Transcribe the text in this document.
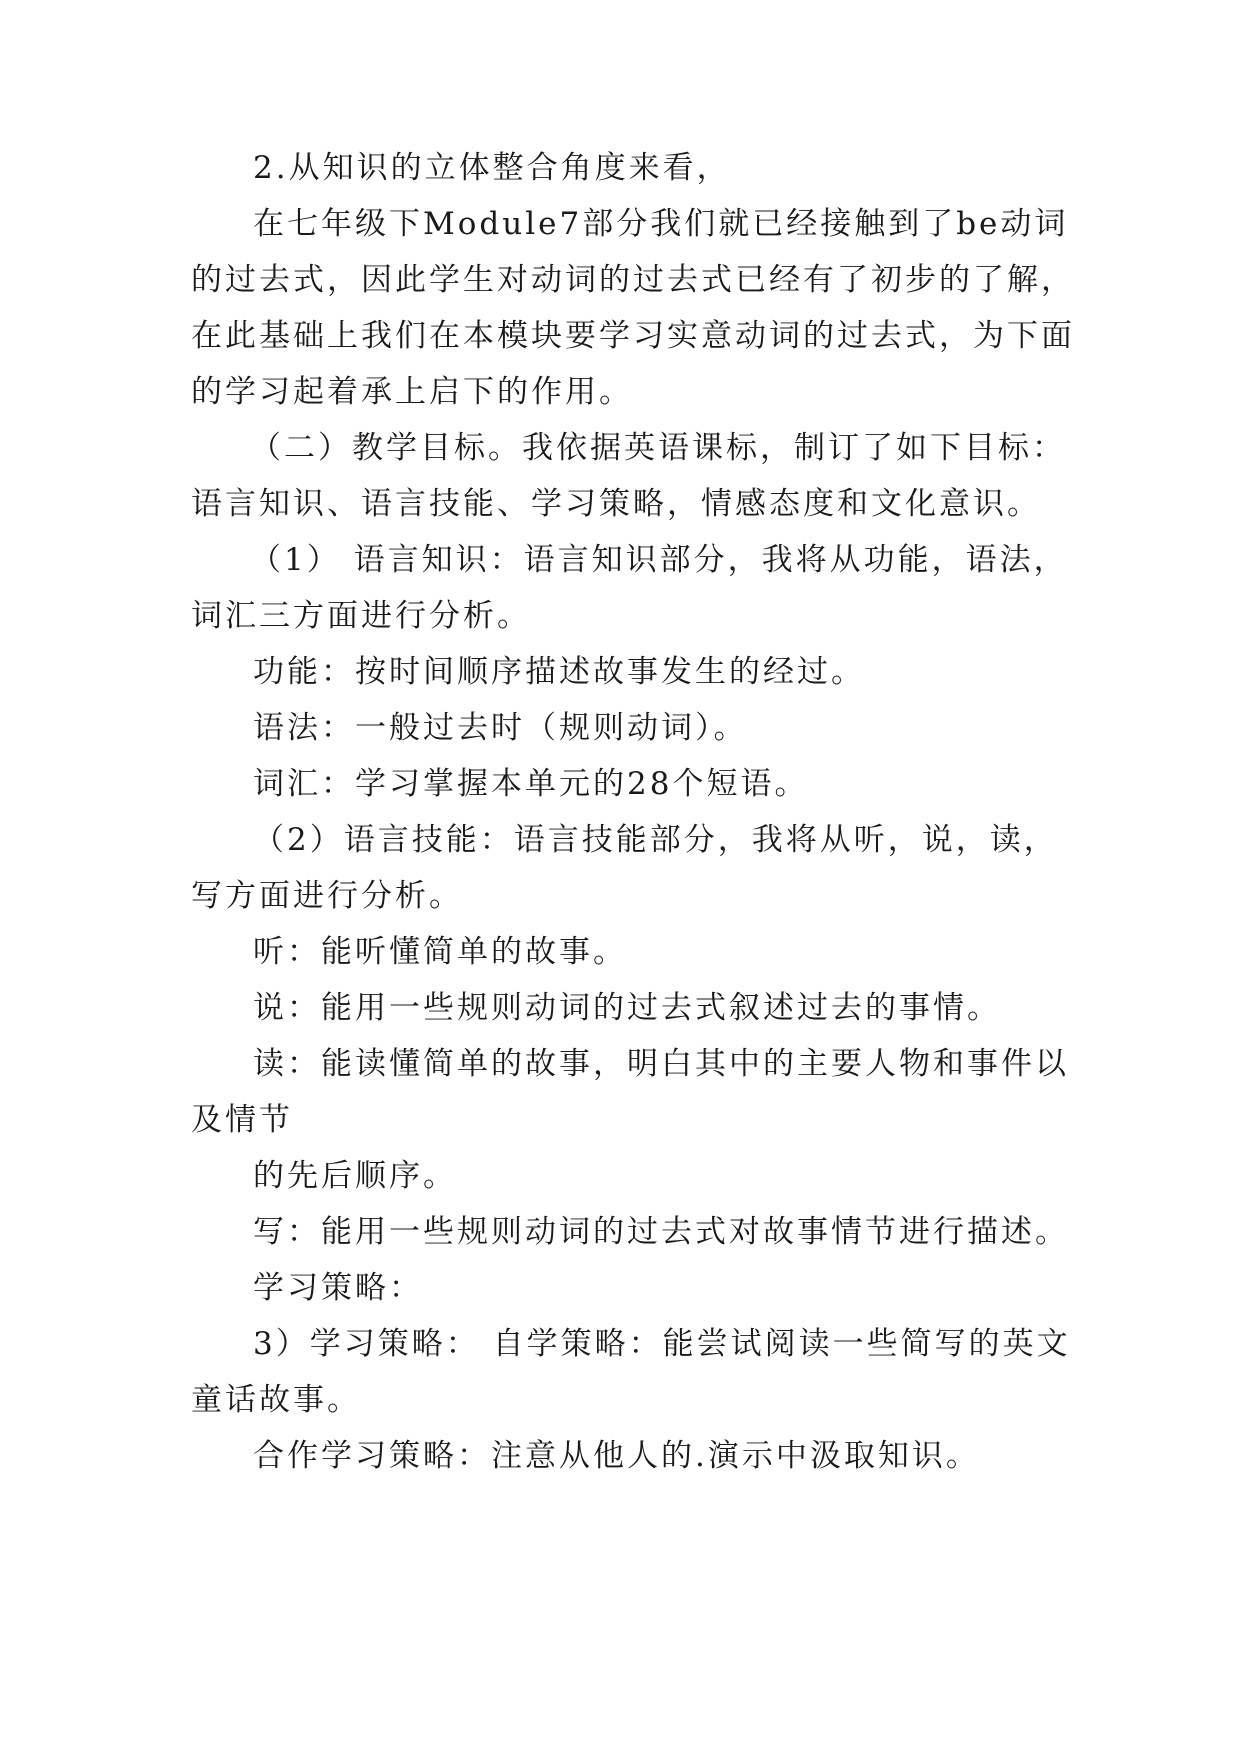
2.从知识的立体整合角度来看，
在七年级下Module7部分我们就已经接触到了be动词
的过去式，因此学生对动词的过去式已经有了初步的了解，
在此基础上我们在本模块要学习实意动词的过去式，为下面
的学习起着承上启下的作用。
（二）教学目标。我依据英语课标，制订了如下目标：
语言知识、语言技能、学习策略，情感态度和文化意识。
（1） 语言知识：语言知识部分，我将从功能，语法，
词汇三方面进行分析。
功能：按时间顺序描述故事发生的经过。
语法：一般过去时（规则动词）。
词汇：学习掌握本单元的28个短语。
（2）语言技能：语言技能部分，我将从听，说，读，
写方面进行分析。
听：能听懂简单的故事。
说：能用一些规则动词的过去式叙述过去的事情。
读：能读懂简单的故事，明白其中的主要人物和事件以
及情节
的先后顺序。
写：能用一些规则动词的过去式对故事情节进行描述。
学习策略：
3）学习策略： 自学策略：能尝试阅读一些简写的英文
童话故事。
合作学习策略：注意从他人的.演示中汲取知识。
